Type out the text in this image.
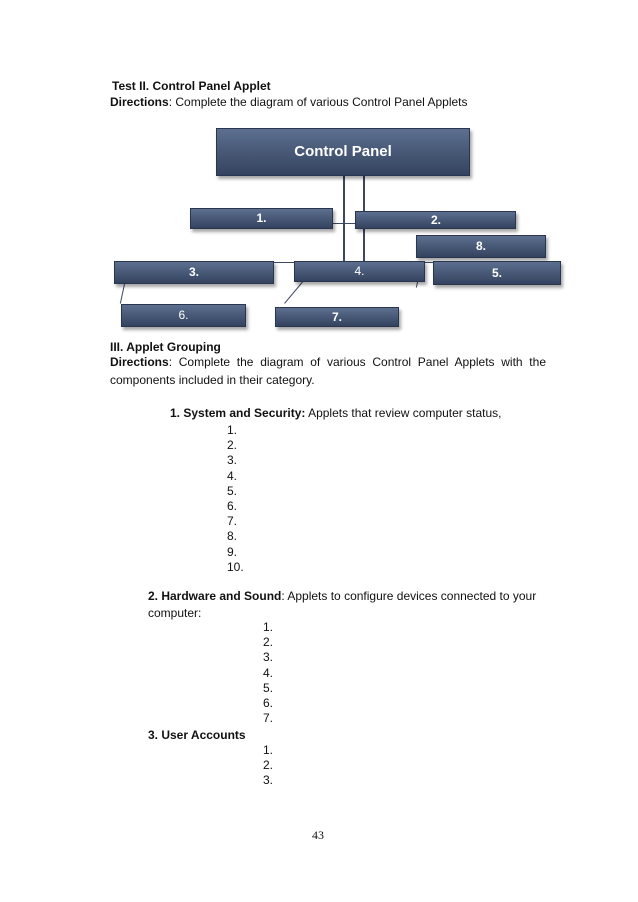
Test II. Control Panel Applet
Directions: Complete the diagram of various Control Panel Applets
Control Panel
1.	2.
8.
3.	4.	5.
6.	7.
III. Applet Grouping
Directions: Complete the diagram of various Control Panel Applets with the components included in their category.
1. System and Security: Applets that review computer status,
1.
2.
3.
4.
5.
6.
7.
8.
9.
10.
2. Hardware and Sound: Applets to configure devices connected to your computer:
1.
2.
3.
4.
5.
6.
7.
3. User Accounts
1.
2.
3.
43
